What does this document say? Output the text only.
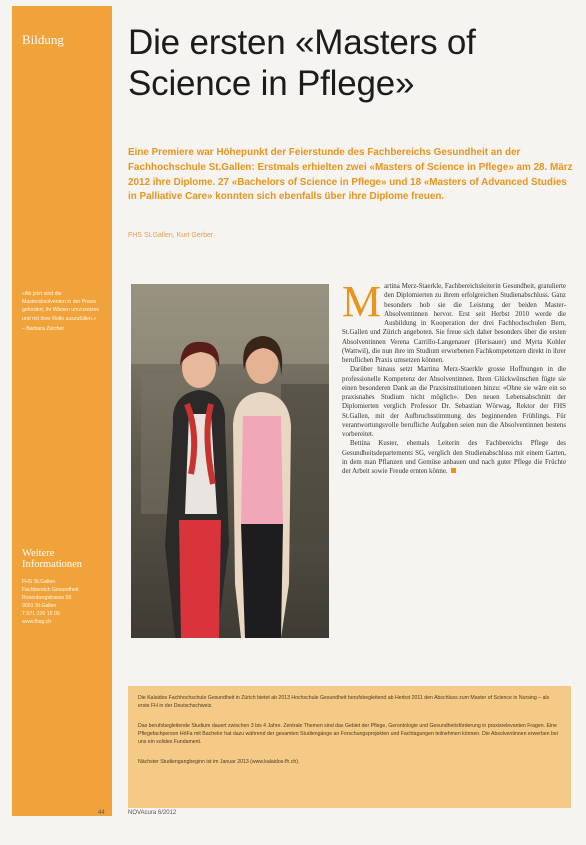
Bildung
«Ab jetzt sind die Masterabsolventen in der Praxis gefordert, ihr Wissen umzusetzen und mit ihrer Rolle auszufüllen.»
– Barbara Zürcher
Weitere Informationen
FHS St.Gallen
Fachbereich Gesundheit
Rosenbergstrasse 59
9001 St.Gallen
T 071 226 15 00
www.fhsg.ch
Die ersten «Masters of Science in Pflege»

Eine Premiere war Höhepunkt der Feierstunde des Fachbereichs Gesundheit an der Fachhochschule St.Gallen: Erstmals erhielten zwei «Masters of Science in Pflege» am 28. März 2012 ihre Diplome. 27 «Bachelors of Science in Pflege» und 18 «Masters of Advanced Studies in Palliative Care» konnten sich ebenfalls über ihre Diplome freuen.

FHS St.Gallen, Kurt Gerber
M artina Merz-Staerkle, Fachbereichsleiterin Gesundheit, gratulierte den Diplomierten zu ihrem erfolgreichen Studienabschluss. Ganz besonders hob sie die Leistung der beiden Master-Absolventinnen hervor. Erst seit Herbst 2010 werde die Ausbildung in Kooperation der drei Fachhochschulen Bern, St.Gallen und Zürich angeboten. Sie freue sich daher besonders über die ersten Absolventinnen Verena Carrillo-Langenauer (Herisauer) und Myrta Kohler (Wattwil), die nun ihre im Studium erworbenen Fachkompetenzen direkt in ihrer beruflichen Praxis umsetzen können.

Darüber hinaus setzt Martina Merz-Staerkle grosse Hoffnungen in die professionelle Kompetenz der Absolventinnen. Ihren Glückwünschen fügte sie einen besonderen Dank an die Praxisinstitutionen hinzu: «Ohne sie wäre ein so praxisnahes Studium nicht möglich». Den neuen Lebensabschnitt der Diplomierten verglich Professor Dr. Sebastian Wörwag, Rektor der FHS St.Gallen, mit der Aufbruchsstimmung des beginnenden Frühlings. Für verantwortungsvolle berufliche Aufgaben seien nun die Absolventinnen bestens vorbereitet.

Bettina Kuster, ehemals Leiterin des Fachbereichs Pflege des Gesundheitsdepartements SG, verglich den Studienabschluss mit einem Garten, in dem man Pflanzen und Gemüse anbauen und nach guter Pflege die Früchte der Arbeit sowie Freude ernten könne.

Die Kalaidos Fachhochschule Gesundheit in Zürich bietet ab 2013 Hochschule Gesundheit berufsbegleitend ab Herbst 2011 den Abschluss zum Master of Science in Nursing – als erste FH in der Deutschschweiz.

Das berufsbegleitende Studium dauert zwischen 3 bis 4 Jahre. Zentrale Themen sind das Gebiet der Pflege, Gerontologie und Gesundheitsförderung in praxisrelevanten Fragen. Eine Pflegefachperson HöFa mit Bachelor hat dazu während der gesamten Studiengänge an Forschungsprojekten und Fachtagungen teilnehmen können. Die Absolventinnen erwerben bei uns ein solides Fundament.

Nächster Studiengangbeginn ist im Januar 2013 (www.kalaidos-fh.ch).

44	NOVAcura 6/2012
